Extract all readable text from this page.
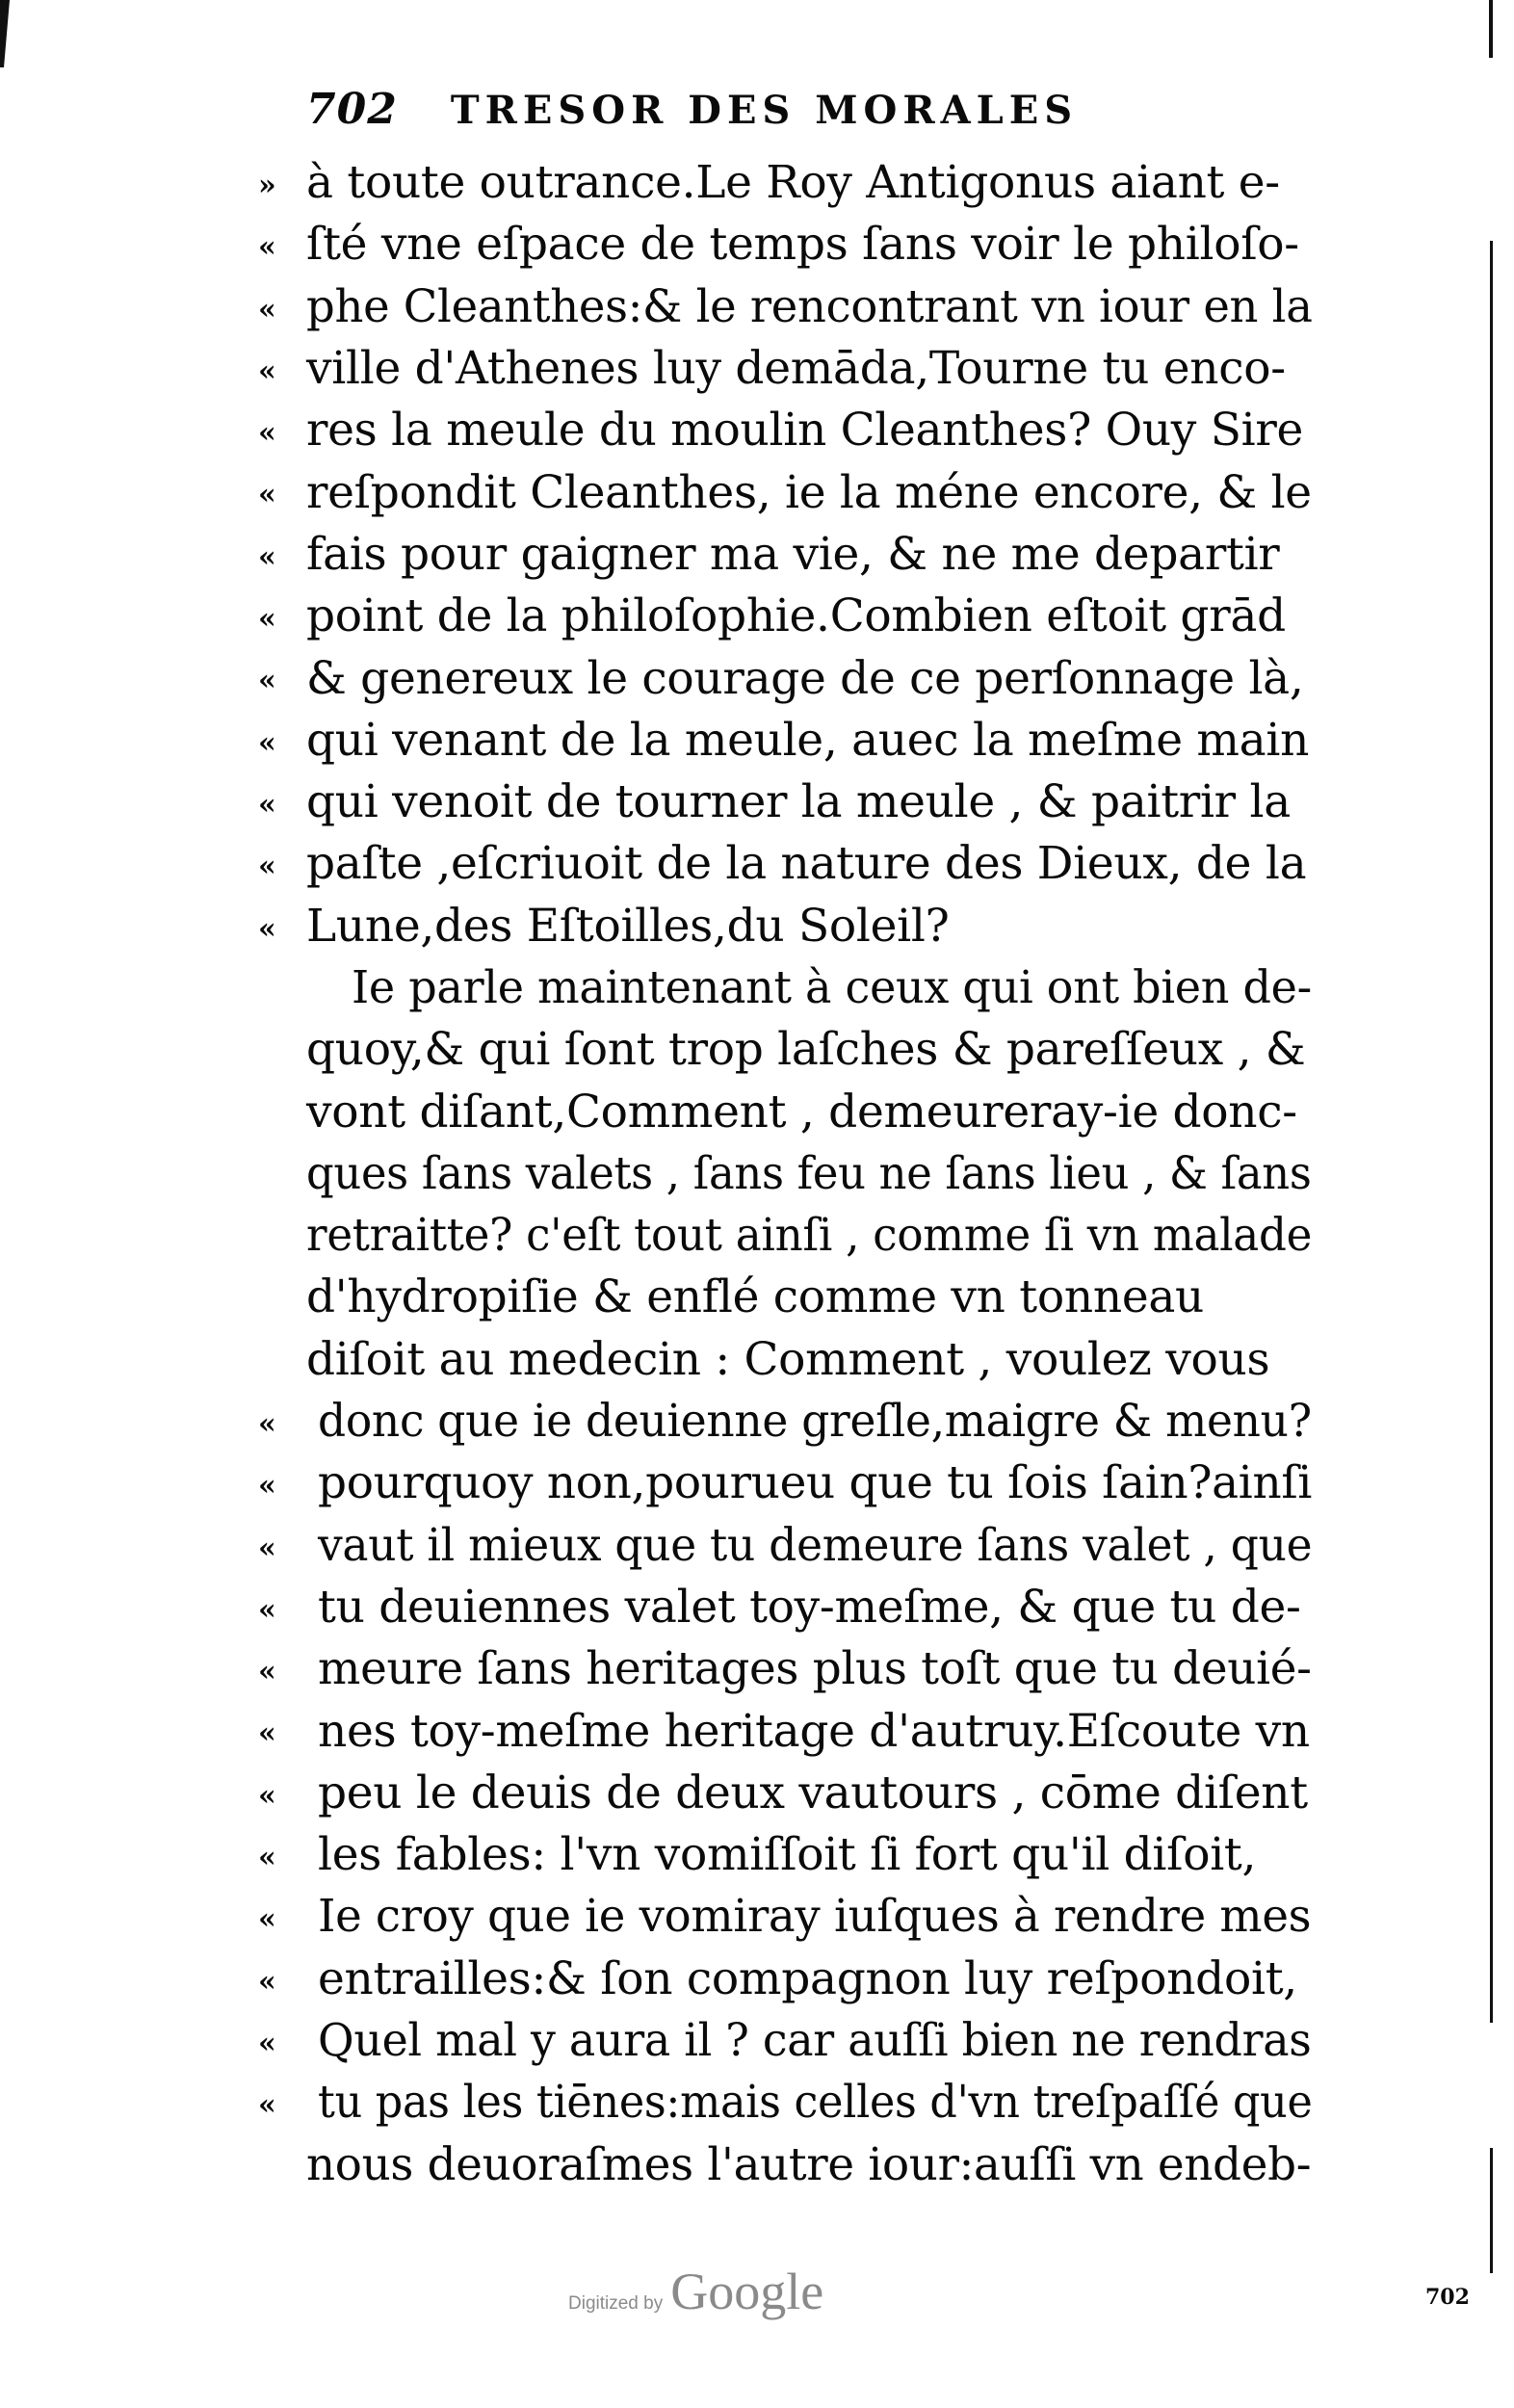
702 TRESOR DES MORALES
» à toute outrance.Le Roy Antigonus aiant e-
« ſté vne eſpace de temps ſans voir le philoſo-
« phe Cleanthes:& le rencontrant vn iour en la
« ville d'Athenes luy demāda,Tourne tu enco-
« res la meule du moulin Cleanthes? Ouy Sire
« reſpondit Cleanthes, ie la méne encore, & le
« fais pour gaigner ma vie, & ne me departir
« point de la philoſophie.Combien eſtoit grād
« & genereux le courage de ce perſonnage là,
« qui venant de la meule, auec la meſme main
« qui venoit de tourner la meule , & paitrir la
« paſte ,eſcriuoit de la nature des Dieux, de la
« Lune,des Eſtoilles,du Soleil?
Ie parle maintenant à ceux qui ont bien de-
quoy,& qui ſont trop laſches & pareſſeux , &
vont diſant,Comment , demeureray-ie donc-
ques ſans valets , ſans feu ne ſans lieu , & ſans
retraitte? c'eſt tout ainſi , comme ſi vn malade
d'hydropiſie & enflé comme vn tonneau
diſoit au medecin : Comment , voulez vous
« donc que ie deuienne greſle,maigre & menu?
« pourquoy non,pourueu que tu ſois ſain?ainſi
« vaut il mieux que tu demeure ſans valet , que
« tu deuiennes valet toy-meſme, & que tu de-
« meure ſans heritages plus toſt que tu deuié-
« nes toy-meſme heritage d'autruy.Eſcoute vn
« peu le deuis de deux vautours , cōme diſent
« les fables: l'vn vomiſſoit ſi fort qu'il diſoit,
« Ie croy que ie vomiray iuſques à rendre mes
« entrailles:& ſon compagnon luy reſpondoit,
« Quel mal y aura il ? car auſſi bien ne rendras
« tu pas les tiēnes:mais celles d'vn treſpaſſé que
nous deuoraſmes l'autre iour:auſſi vn endeb-
Digitized by Google	702
